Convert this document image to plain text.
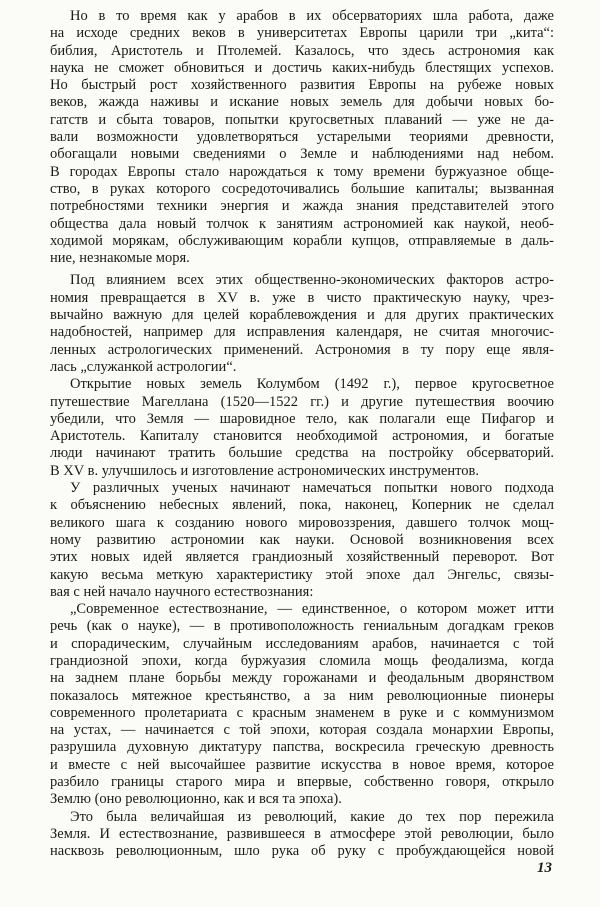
Но в то время как у арабов в их обсерваториях шла работа, даже
на исходе средних веков в университетах Европы царили три „кита“:
библия, Аристотель и Птолемей. Казалось, что здесь астрономия как
наука не сможет обновиться и достичь каких-нибудь блестящих успехов.
Но быстрый рост хозяйственного развития Европы на рубеже новых
веков, жажда наживы и искание новых земель для добычи новых бо-
гатств и сбыта товаров, попытки кругосветных плаваний — уже не да-
вали возможности удовлетворяться устарелыми теориями древности,
обогащали новыми сведениями о Земле и наблюдениями над небом.
В городах Европы стало нарождаться к тому времени буржуазное обще-
ство, в руках которого сосредоточивались большие капиталы; вызванная
потребностями техники энергия и жажда знания представителей этого
общества дала новый толчок к занятиям астрономией как наукой, необ-
ходимой морякам, обслуживающим корабли купцов, отправляемые в даль-
ние, незнакомые моря.
Под влиянием всех этих общественно-экономических факторов астро-
номия превращается в XV в. уже в чисто практическую науку, чрез-
вычайно важную для целей кораблевождения и для других практических
надобностей, например для исправления календаря, не считая многочис-
ленных астрологических применений. Астрономия в ту пору еще явля-
лась „служанкой астрологии“.
Открытие новых земель Колумбом (1492 г.), первое кругосветное
путешествие Магеллана (1520—1522 гг.) и другие путешествия воочию
убедили, что Земля — шаровидное тело, как полагали еще Пифагор и
Аристотель. Капиталу становится необходимой астрономия, и богатые
люди начинают тратить большие средства на постройку обсерваторий.
В XV в. улучшилось и изготовление астрономических инструментов.
У различных ученых начинают намечаться попытки нового подхода
к объяснению небесных явлений, пока, наконец, Коперник не сделал
великого шага к созданию нового мировоззрения, давшего толчок мощ-
ному развитию астрономии как науки. Основой возникновения всех
этих новых идей является грандиозный хозяйственный переворот. Вот
какую весьма меткую характеристику этой эпохе дал Энгельс, связы-
вая с ней начало научного естествознания:
„Современное естествознание, — единственное, о котором может итти
речь (как о науке), — в противоположность гениальным догадкам греков
и спорадическим, случайным исследованиям арабов, начинается с той
грандиозной эпохи, когда буржуазия сломила мощь феодализма, когда
на заднем плане борьбы между горожанами и феодальным дворянством
показалось мятежное крестьянство, а за ним революционные пионеры
современного пролетариата с красным знаменем в руке и с коммунизмом
на устах, — начинается с той эпохи, которая создала монархии Европы,
разрушила духовную диктатуру папства, воскресила греческую древность
и вместе с ней высочайшее развитие искусства в новое время, которое
разбило границы старого мира и впервые, собственно говоря, открыло
Землю (оно революционно, как и вся та эпоха).
Это была величайшая из революций, какие до тех пор пережила
Земля. И естествознание, развившееся в атмосфере этой революции, было
насквозь революционным, шло рука об руку с пробуждающейся новой
13
